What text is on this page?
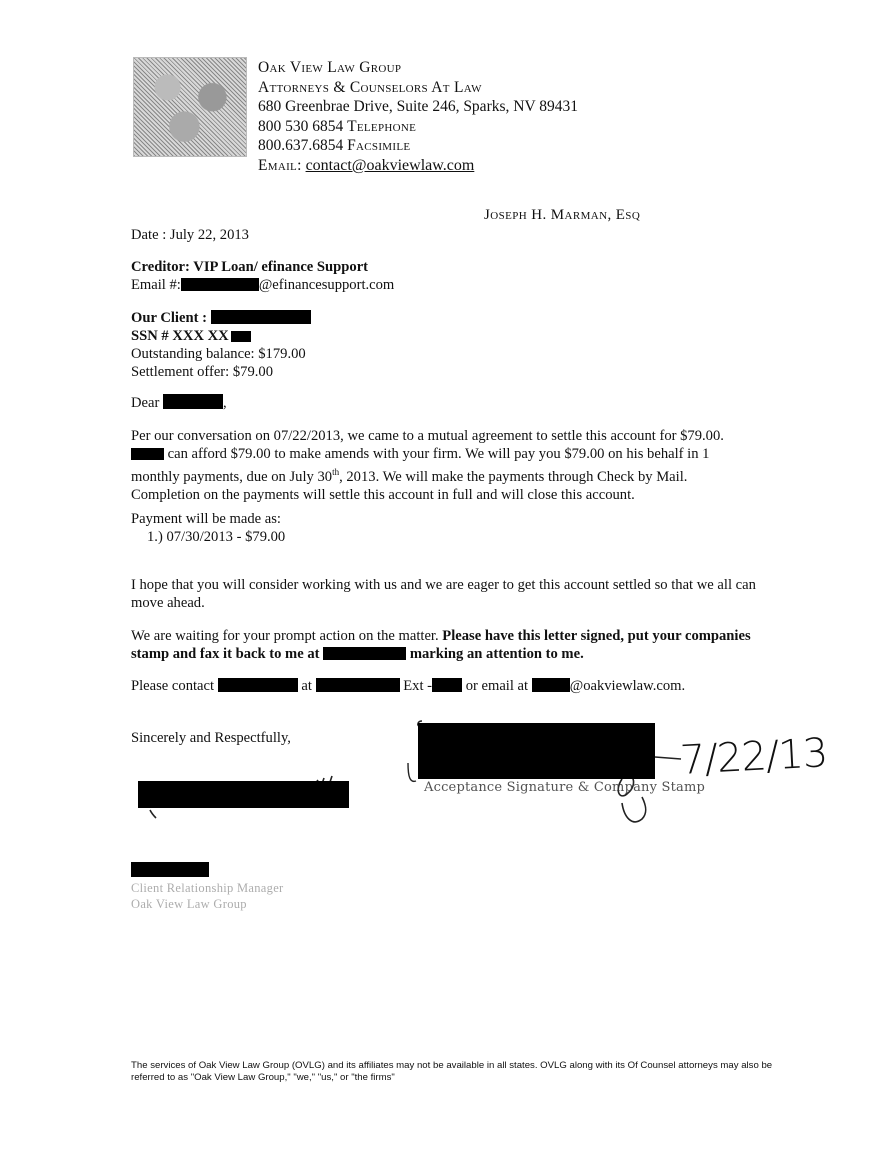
Oak View Law Group
Attorneys & Counselors At Law
680 Greenbrae Drive, Suite 246, Sparks, NV 89431
800 530 6854 Telephone
800.637.6854 Facsimile
Email: contact@oakviewlaw.com
Joseph H. Marman, Esq
Date : July 22, 2013
Creditor: VIP Loan/ efinance Support
Email #:	@efinancesupport.com
Our Client :
SSN # XXX XX
Outstanding balance: $179.00
Settlement offer: $79.00
Dear	,
Per our conversation on 07/22/2013, we came to a mutual agreement to settle this account for $79.00.
can afford $79.00 to make amends with your firm. We will pay you $79.00 on his behalf in 1
monthly payments, due on July 30th, 2013. We will make the payments through Check by Mail.
Completion on the payments will settle this account in full and will close this account.
Payment will be made as:
1.) 07/30/2013 - $79.00
I hope that you will consider working with us and we are eager to get this account settled so that we all can move ahead.
We are waiting for your prompt action on the matter. Please have this letter signed, put your companies stamp and fax it back to me at	marking an attention to me.
Please contact	at	Ext - or email at	@oakviewlaw.com.
Sincerely and Respectfully,
Acceptance Signature & Company Stamp
7/22/13
Client Relationship Manager
Oak View Law Group
The services of Oak View Law Group (OVLG) and its affiliates may not be available in all states. OVLG along with its Of Counsel attorneys may also be referred to as "Oak View Law Group," "we," "us," or "the firms"
